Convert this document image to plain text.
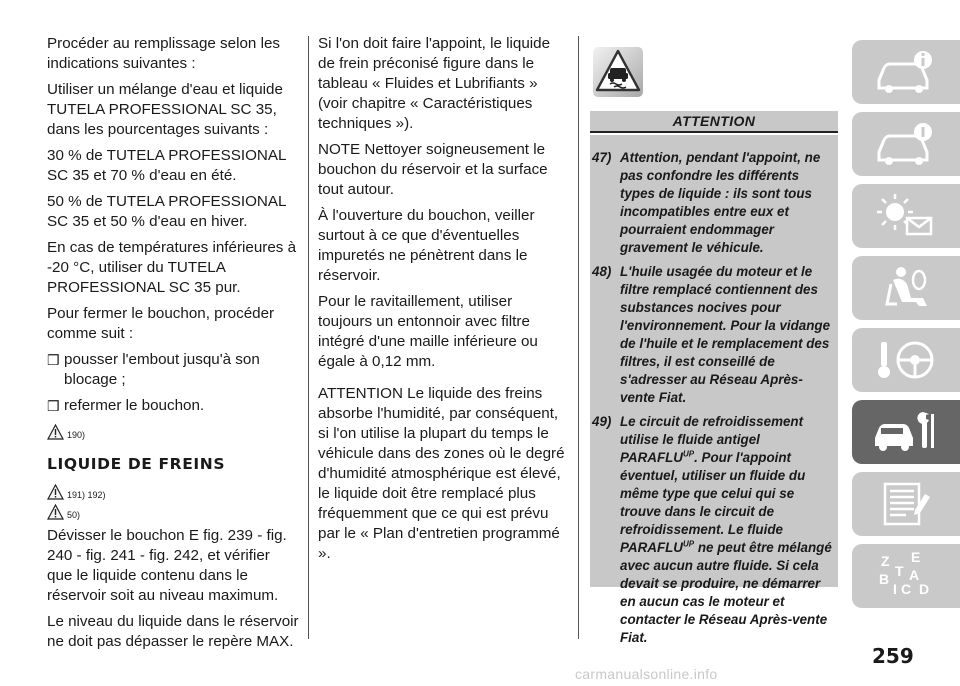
Procéder au remplissage selon les indications suivantes :

Utiliser un mélange d'eau et liquide TUTELA PROFESSIONAL SC 35, dans les pourcentages suivants :

30 % de TUTELA PROFESSIONAL SC 35 et 70 % d'eau en été.

50 % de TUTELA PROFESSIONAL SC 35 et 50 % d'eau en hiver.

En cas de températures inférieures à -20 °C, utiliser du TUTELA PROFESSIONAL SC 35 pur.

Pour fermer le bouchon, procéder comme suit :

❒ pousser l'embout jusqu'à son blocage ;
❒ refermer le bouchon.
190)
LIQUIDE DE FREINS
191) 192)
50)

Dévisser le bouchon E fig. 239 - fig. 240 - fig. 241 - fig. 242, et vérifier que le liquide contenu dans le réservoir soit au niveau maximum.

Le niveau du liquide dans le réservoir ne doit pas dépasser le repère MAX.

Si l'on doit faire l'appoint, le liquide de frein préconisé figure dans le tableau « Fluides et Lubrifiants » (voir chapitre « Caractéristiques techniques »).

NOTE Nettoyer soigneusement le bouchon du réservoir et la surface tout autour.

À l'ouverture du bouchon, veiller surtout à ce que d'éventuelles impuretés ne pénètrent dans le réservoir.

Pour le ravitaillement, utiliser toujours un entonnoir avec filtre intégré d'une maille inférieure ou égale à 0,12 mm.

ATTENTION Le liquide des freins absorbe l'humidité, par conséquent, si l'on utilise la plupart du temps le véhicule dans des zones où le degré d'humidité atmosphérique est élevé, le liquide doit être remplacé plus fréquemment que ce qui est prévu par le « Plan d'entretien programmé ».

ATTENTION
47) Attention, pendant l'appoint, ne pas confondre les différents types de liquide : ils sont tous incompatibles entre eux et pourraient endommager gravement le véhicule.
48) L'huile usagée du moteur et le filtre remplacé contiennent des substances nocives pour l'environnement. Pour la vidange de l'huile et le remplacement des filtres, il est conseillé de s'adresser au Réseau Après-vente Fiat.
49) Le circuit de refroidissement utilise le fluide antigel $PARAFLU^{UP}$. Pour l'appoint éventuel, utiliser un fluide du même type que celui qui se trouve dans le circuit de refroidissement. Le fluide $PARAFLU^{UP}$ ne peut être mélangé avec aucun autre fluide. Si cela devait se produire, ne démarrer en aucun cas le moteur et contacter le Réseau Après-vente Fiat.
Z E
B A
I C
T
D
259
carmanualsonline.info
